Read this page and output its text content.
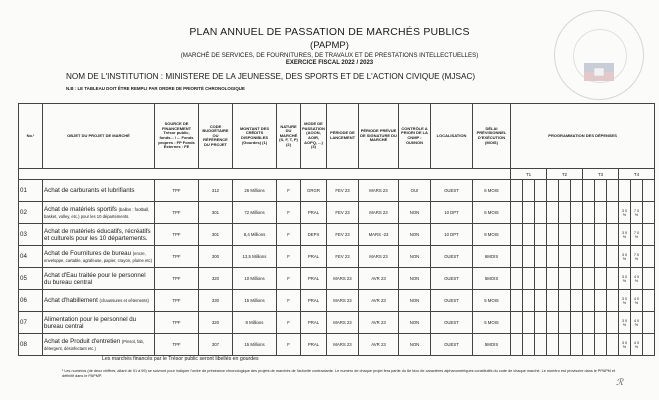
PLAN ANNUEL DE PASSATION DE MARCHÉS PUBLICS
(PAPMP)
(MARCHÉ DE SERVICES, DE FOURNITURES, DE TRAVAUX ET DE PRESTATIONS INTELLECTUELLES)
EXERCICE FISCAL 2022 / 2023
NOM DE L'INSTITUTION : MINISTERE DE LA JEUNESSE, DES SPORTS ET DE L'ACTION CIVIQUE (MJSAC)
N.B : LE TABLEAU DOIT ÊTRE REMPLI PAR ORDRE DE PRIORITÉ CHRONOLOGIQUE
No.¹	OBJET DU PROJET DE MARCHÉ	SOURCE DE FINANCEMENT Trésor public, fonds... / ... Fonds propres : FP Fonds Externes : FE	CODE BUDGÉTAIRE OU RÉFÉRENCE DU PROJET	MONTANT DES CRÉDITS DISPONIBLES (Gourdes) (1)	NATURE DU MARCHÉ (S, F, T, P) (2)	MODE DE PASSATION (AOON, AOIR, AOPQ, ...) (3)	PÉRIODE DE LANCEMENT	PÉRIODE PRÉVUE DE SIGNATURE DU MARCHÉ	CONTRÔLE A PRIORI DE LA CNMP : OUI/NON	LOCALISATION	DÉLAI PRÉVISIONNEL D'EXÉCUTION (MOIS)	PROGRAMMATION DES DÉPENSES											
												T1			T2			T3			T4		
01	Achat de carburants et lubrifiants	TPF	312	26 Millions	F	GRGR	FEV 23	MARS 23	OUI	OUEST	6 MOIS												
02	Achat de matériels sportifs (ballon : football, basket, volley, etc.) pour les 10 départements.	TPF	301	72 Millions	F	PRAL	FEV 23	MARS 23	NON	10 DPT	6 MOIS										3 0 %	7 0 %	
03	Achat de matériels éducatifs, récréatifs et culturels pour les 10 départements.	TPF	301	8,4 Millions	F	DEPX	FEV 23	MARS -23	NON	10 DPT	8 MOIS										3 0 %	7 0 %	
04	Achat de Fournitures de bureau (encre, enveloppe, cartable, agrafeuse, papier, crayon, plume etc)	TPF	300	13,5 Millions	F	PRAL	FEV 23	MARS 23	NON	OUEST	6MOIS										3 0 %	7 0 %	
05	Achat d'Eau traitée pour le personnel du bureau central	TPF	320	10 Millions	F	PRAL	MARS 23	AVR 23	NON	OUEST	5MOIS										3 0 %	4 0 %	
06	Achat d'habillement (chaussures et vêtements)	TPF	330	15 Millions	F	PRAL	MARS 23	AVR 23	NON	OUEST	5 MOIS										3 0 %	4 0 %	
07	Alimentation pour le personnel du bureau central	TPF	320	8 Millions	F	PRAL	MARS 23	AVR 23	NON	OUEST	5 MOIS										3 0 %	4 0 %	
08	Achat de Produit d'entretien (Pinsol, fab, détergent, désinfectant etc.)	TPF	307	15 Millions	F	PRAL	MARS 23	AVR 23	NON	OUEST	5MOIS										3 0 %	4 0 %	
Les marchés financés par le Trésor public seront libellés en gourdes
¹ Les numéros (de deux chiffres, allant de 01 à 99) se suivront pour indiquer l'ordre de préséance chronologique des projets de marchés de l'autorité contractante. Le numéro de chaque projet fera partie du 6e bloc de caractères alphanumériques constitutifs du code de chaque marché. Le numéro est provisoire dans le PPAPM et définitif dans le PAPMP.
ℛ
